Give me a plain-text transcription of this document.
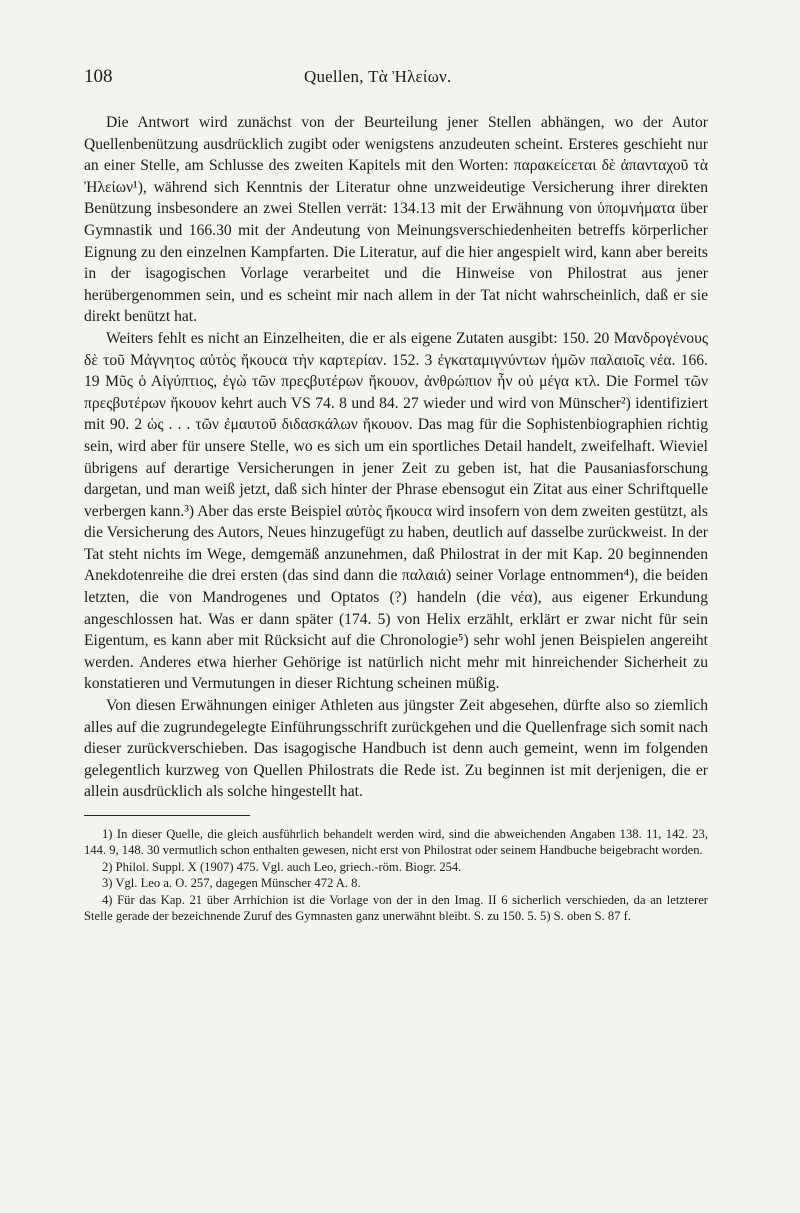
108	Quellen, Τὰ Ἠλείων.

Die Antwort wird zunächst von der Beurteilung jener Stellen abhängen, wo der Autor Quellenbenützung ausdrücklich zugibt oder wenigstens anzudeuten scheint. Ersteres geschieht nur an einer Stelle, am Schlusse des zweiten Kapitels mit den Worten: παρακείcεται δὲ ἀπανταχοῦ τὰ Ἠλείων¹), während sich Kenntnis der Literatur ohne unzweideutige Versicherung ihrer direkten Benützung insbesondere an zwei Stellen verrät: 134.13 mit der Erwähnung von ὑπομνήματα über Gymnastik und 166.30 mit der Andeutung von Meinungsverschiedenheiten betreffs körperlicher Eignung zu den einzelnen Kampfarten. Die Literatur, auf die hier angespielt wird, kann aber bereits in der isagogischen Vorlage verarbeitet und die Hinweise von Philostrat aus jener herübergenommen sein, und es scheint mir nach allem in der Tat nicht wahrscheinlich, daß er sie direkt benützt hat.

Weiters fehlt es nicht an Einzelheiten, die er als eigene Zutaten ausgibt: 150. 20 Μανδρογένους δὲ τοῦ Μάγνητος αὐτὸς ἤκουcα τὴν καρτερίαν. 152. 3 ἐγκαταμιγνύντων ἡμῶν παλαιοῖς νέα. 166. 19 Μῦς ὁ Αἰγύπτιος, ἐγὼ τῶν πρεςβυτέρων ἤκουον, ἀνθρώπιον ἦν οὐ μέγα κτλ. Die Formel τῶν πρεςβυτέρων ἤκουον kehrt auch VS 74. 8 und 84. 27 wieder und wird von Münscher²) identifiziert mit 90. 2 ὡς . . . τῶν ἐμαυτοῦ διδασκάλων ἤκουον. Das mag für die Sophistenbiographien richtig sein, wird aber für unsere Stelle, wo es sich um ein sportliches Detail handelt, zweifelhaft. Wieviel übrigens auf derartige Versicherungen in jener Zeit zu geben ist, hat die Pausaniasforschung dargetan, und man weiß jetzt, daß sich hinter der Phrase ebensogut ein Zitat aus einer Schriftquelle verbergen kann.³) Aber das erste Beispiel αὐτὸς ἤκουcα wird insofern von dem zweiten gestützt, als die Versicherung des Autors, Neues hinzugefügt zu haben, deutlich auf dasselbe zurückweist. In der Tat steht nichts im Wege, demgemäß anzunehmen, daß Philostrat in der mit Kap. 20 beginnenden Anekdotenreihe die drei ersten (das sind dann die παλαιά) seiner Vorlage entnommen⁴), die beiden letzten, die von Mandrogenes und Optatos (?) handeln (die νέα), aus eigener Erkundung angeschlossen hat. Was er dann später (174. 5) von Helix erzählt, erklärt er zwar nicht für sein Eigentum, es kann aber mit Rücksicht auf die Chronologie⁵) sehr wohl jenen Beispielen angereiht werden. Anderes etwa hierher Gehörige ist natürlich nicht mehr mit hinreichender Sicherheit zu konstatieren und Vermutungen in dieser Richtung scheinen müßig.

Von diesen Erwähnungen einiger Athleten aus jüngster Zeit abgesehen, dürfte also so ziemlich alles auf die zugrundegelegte Einführungsschrift zurückgehen und die Quellenfrage sich somit nach dieser zurückverschieben. Das isagogische Handbuch ist denn auch gemeint, wenn im folgenden gelegentlich kurzweg von Quellen Philostrats die Rede ist. Zu beginnen ist mit derjenigen, die er allein ausdrücklich als solche hingestellt hat.

1) In dieser Quelle, die gleich ausführlich behandelt werden wird, sind die abweichenden Angaben 138. 11, 142. 23, 144. 9, 148. 30 vermutlich schon enthalten gewesen, nicht erst von Philostrat oder seinem Handbuche beigebracht worden.

2) Philol. Suppl. X (1907) 475. Vgl. auch Leo, griech.-röm. Biogr. 254.

3) Vgl. Leo a. O. 257, dagegen Münscher 472 A. 8.

4) Für das Kap. 21 über Arrhichion ist die Vorlage von der in den Imag. II 6 sicherlich verschieden, da an letzterer Stelle gerade der bezeichnende Zuruf des Gymnasten ganz unerwähnt bleibt. S. zu 150. 5. 5) S. oben S. 87 f.
